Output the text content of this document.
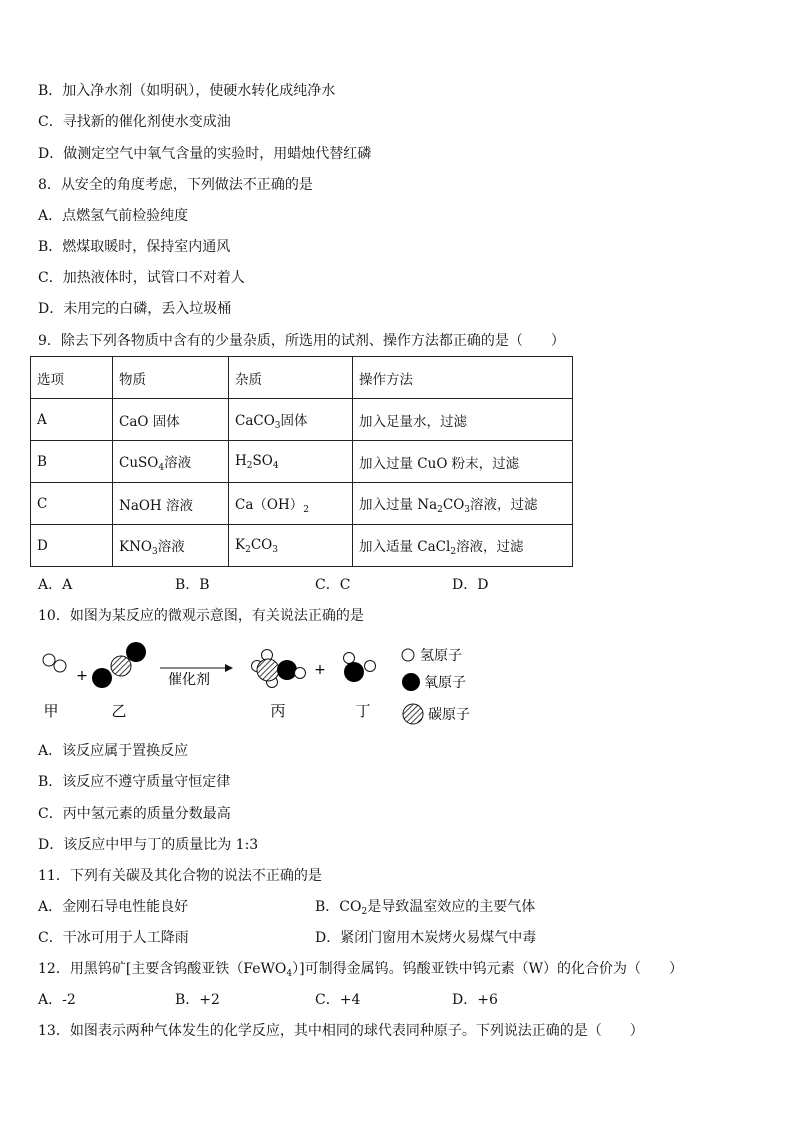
B．加入净水剂（如明矾），使硬水转化成纯净水
C．寻找新的催化剂使水变成油
D．做测定空气中氧气含量的实验时，用蜡烛代替红磷
8．从安全的角度考虑，下列做法不正确的是
A．点燃氢气前检验纯度
B．燃煤取暖时，保持室内通风
C．加热液体时，试管口不对着人
D．未用完的白磷，丢入垃圾桶
9．除去下列各物质中含有的少量杂质，所选用的试剂、操作方法都正确的是（　　）
选项	物质	杂质	操作方法
A	CaO 固体	CaCO$_3$固体	加入足量水，过滤
B	CuSO$_4$溶液	$H_2SO_4$	加入过量 CuO 粉末，过滤
C	NaOH 溶液	$Ca(OH)_2$	加入过量 $Na_2CO_3$溶液，过滤
D	$KNO_3$溶液	$K_2CO_3$	加入适量 CaCl$_2$溶液，过滤
A．A	B．B	C．C	D．D
10．如图为某反应的微观示意图，有关说法正确的是
+	催化剂
+
甲	乙	丙	丁
氢原子
氧原子
碳原子
A．该反应属于置换反应
B．该反应不遵守质量守恒定律
C．丙中氢元素的质量分数最高
D．该反应中甲与丁的质量比为 1:3
11．下列有关碳及其化合物的说法不正确的是
A．金刚石导电性能良好	B．$CO_2$是导致温室效应的主要气体
C．干冰可用于人工降雨	D．紧闭门窗用木炭烤火易煤气中毒
12．用黑钨矿[主要含钨酸亚铁（FeWO$_4$）]可制得金属钨。钨酸亚铁中钨元素（W）的化合价为（　　）
A．-2	B．+2	C．+4	D．+6
13．如图表示两种气体发生的化学反应，其中相同的球代表同种原子。下列说法正确的是（　　）
